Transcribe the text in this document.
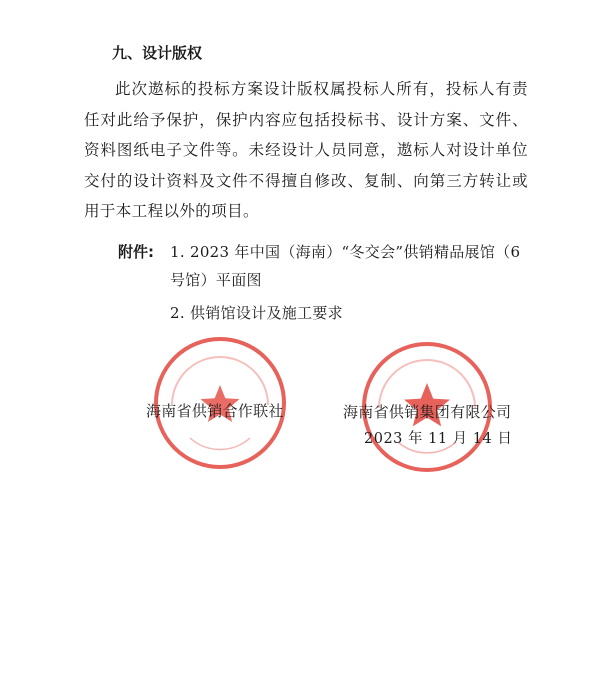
九、设计版权

此次遨标的投标方案设计版权属投标人所有，投标人有责任对此给予保护，保护内容应包括投标书、设计方案、文件、资料图纸电子文件等。未经设计人员同意，遨标人对设计单位交付的设计资料及文件不得擅自修改、复制、向第三方转让或用于本工程以外的项目。

附件: 1. 2023 年中国（海南）“冬交会”供销精品展馆（6号馆）平面图
2. 供销馆设计及施工要求
海南省供销合作联社	海南省供销集团有限公司
2023 年 11 月 14 日
